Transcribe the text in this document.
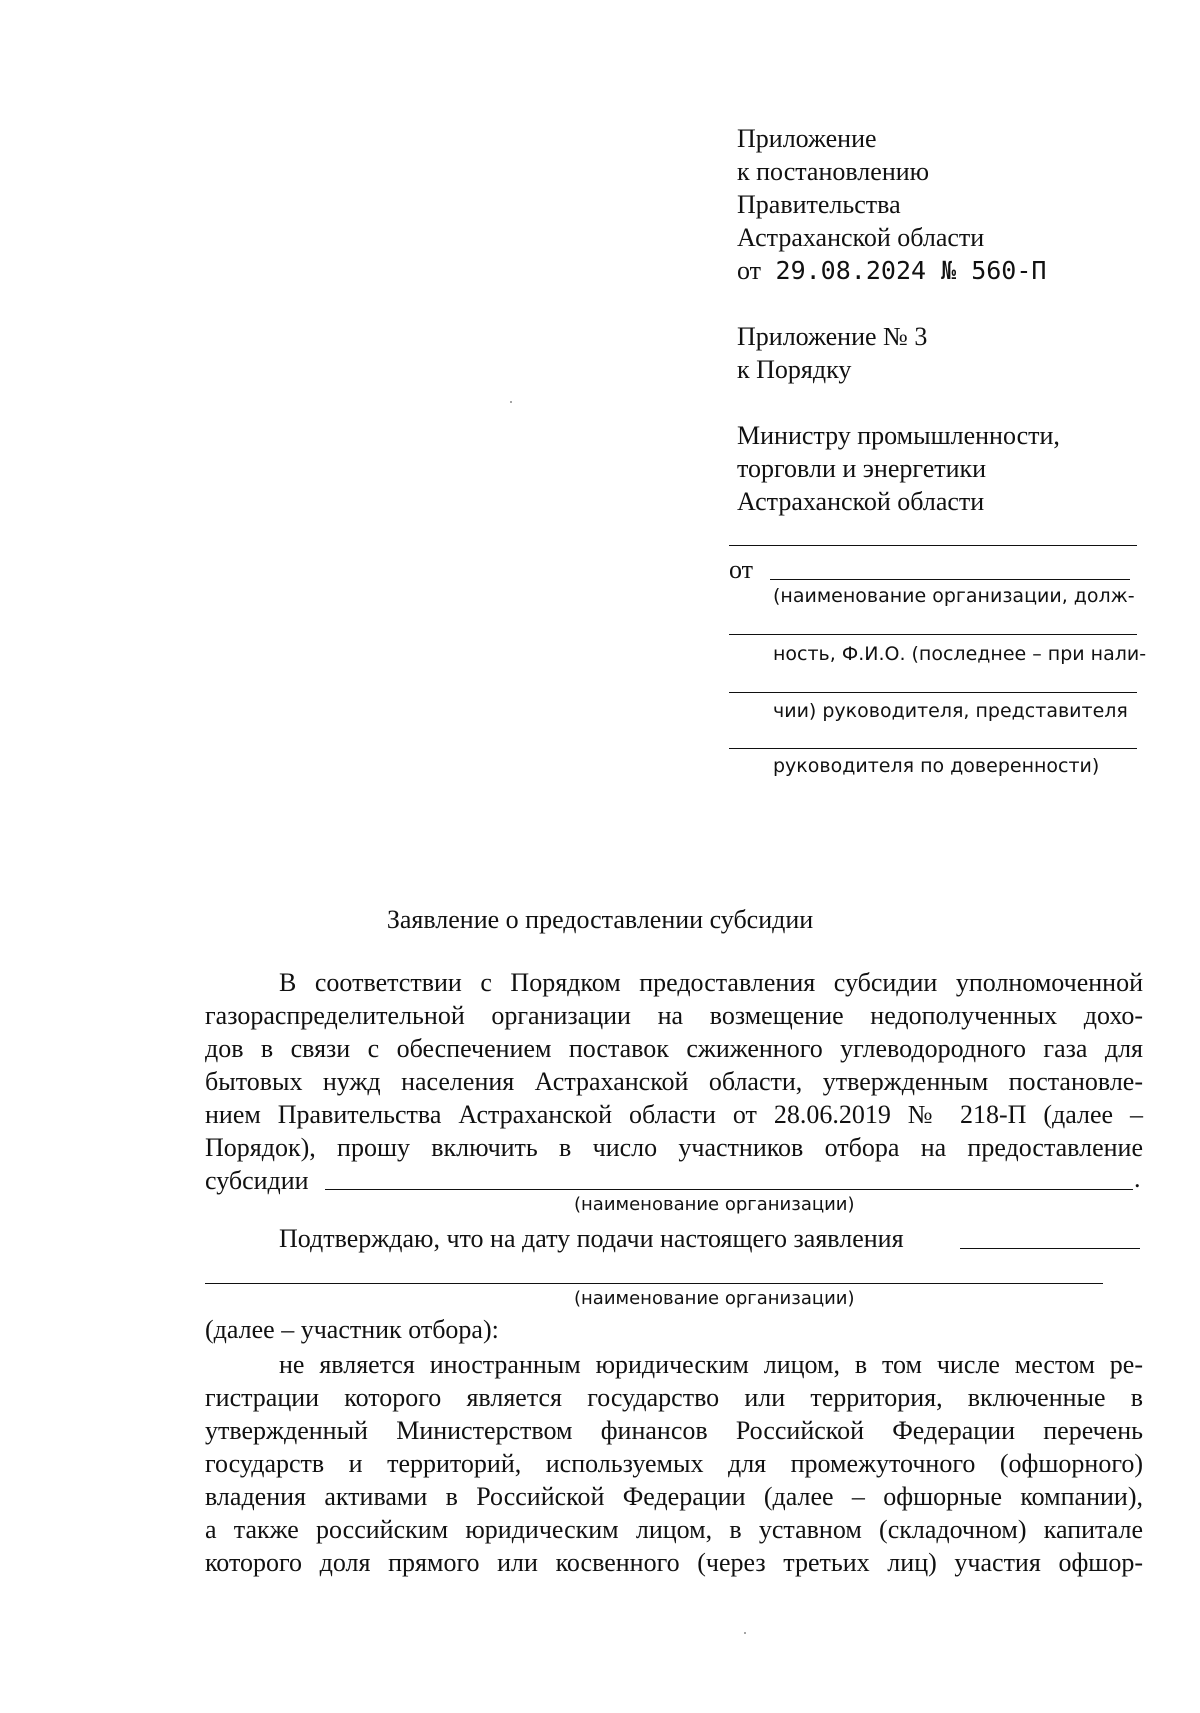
Приложение
к постановлению
Правительства
Астраханской области
от 29.08.2024 № 560-П
Приложение № 3
к Порядку
Министру промышленности,
торговли и энергетики
Астраханской области
от
(наименование организации, долж-
ность, Ф.И.О. (последнее – при нали-
чии) руководителя, представителя
руководителя по доверенности)
Заявление о предоставлении субсидии
В соответствии с Порядком предоставления субсидии уполномоченной
газораспределительной организации на возмещение недополученных дохо-
дов в связи с обеспечением поставок сжиженного углеводородного газа для
бытовых нужд населения Астраханской области, утвержденным постановле-
нием Правительства Астраханской области от 28.06.2019 № 218-П (далее –
Порядок), прошу включить в число участников отбора на предоставление
субсидии	.
(наименование организации)
Подтверждаю, что на дату подачи настоящего заявления
(наименование организации)
(далее – участник отбора):
не является иностранным юридическим лицом, в том числе местом ре-
гистрации которого является государство или территория, включенные в
утвержденный Министерством финансов Российской Федерации перечень
государств и территорий, используемых для промежуточного (офшорного)
владения активами в Российской Федерации (далее – офшорные компании),
а также российским юридическим лицом, в уставном (складочном) капитале
которого доля прямого или косвенного (через третьих лиц) участия офшор-
